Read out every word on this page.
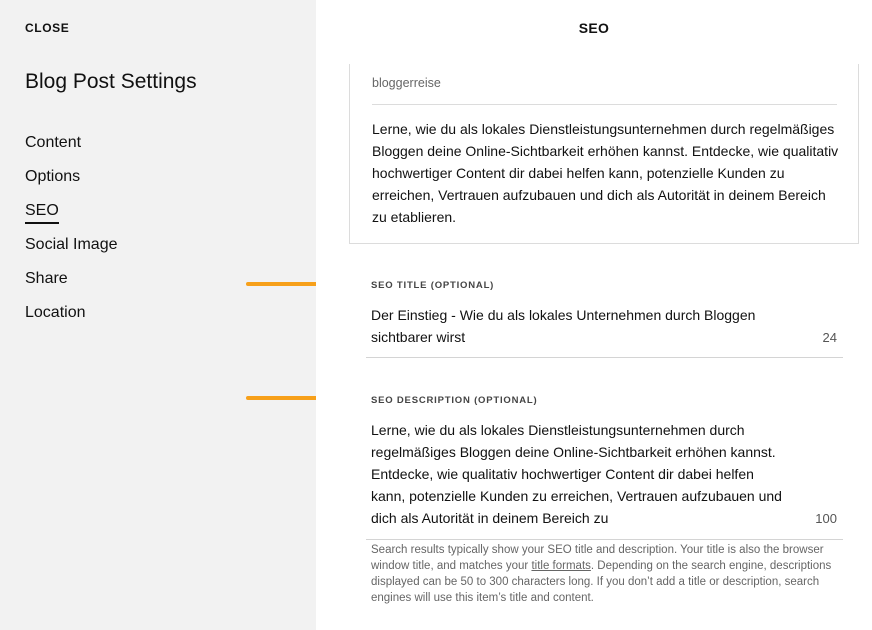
CLOSE
Blog Post Settings
Content
Options
SEO
Social Image
Share
Location
bloggerreise
Lerne, wie du als lokales Dienstleistungsunternehmen durch regelmäßiges Bloggen deine Online-Sichtbarkeit erhöhen kannst. Entdecke, wie qualitativ hochwertiger Content dir dabei helfen kann, potenzielle Kunden zu erreichen, Vertrauen aufzubauen und dich als Autorität in deinem Bereich zu etablieren.
SEO
SEO TITLE (OPTIONAL)
Der Einstieg - Wie du als lokales Unternehmen durch Bloggen sichtbarer wirst	24
SEO DESCRIPTION (OPTIONAL)
Lerne, wie du als lokales Dienstleistungsunternehmen durch regelmäßiges Bloggen deine Online-Sichtbarkeit erhöhen kannst. Entdecke, wie qualitativ hochwertiger Content dir dabei helfen kann, potenzielle Kunden zu erreichen, Vertrauen aufzubauen und dich als Autorität in deinem Bereich zu	100
Search results typically show your SEO title and description. Your title is also the browser window title, and matches your title formats. Depending on the search engine, descriptions displayed can be 50 to 300 characters long. If you don’t add a title or description, search engines will use this item’s title and content.
